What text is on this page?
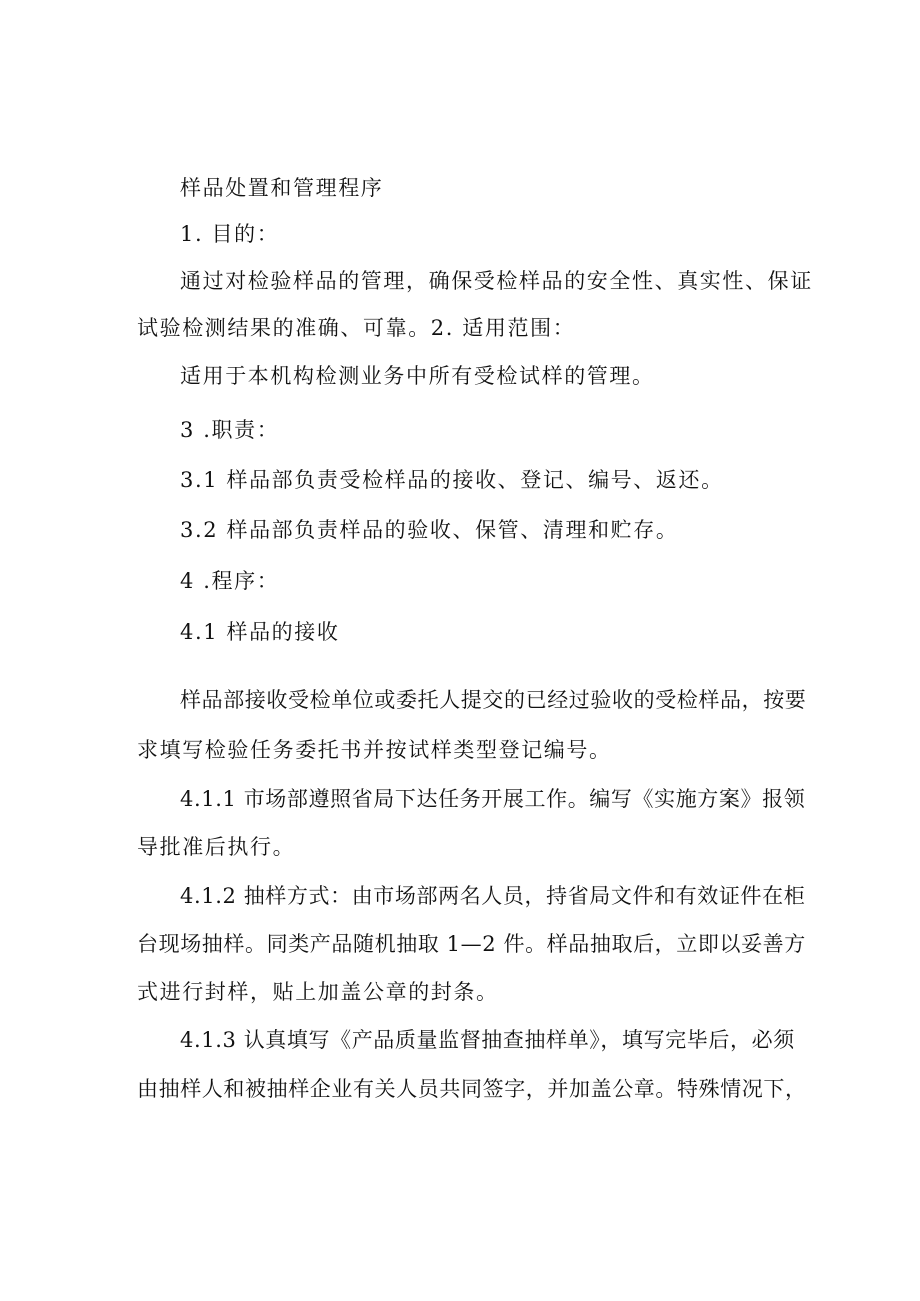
样品处置和管理程序
1. 目的：
通过对检验样品的管理，确保受检样品的安全性、真实性、保证
试验检测结果的准确、可靠。2. 适用范围：
适用于本机构检测业务中所有受检试样的管理。
3 .职责：
3.1 样品部负责受检样品的接收、登记、编号、返还。
3.2 样品部负责样品的验收、保管、清理和贮存。
4 .程序：
4.1 样品的接收
样品部接收受检单位或委托人提交的已经过验收的受检样品，按要
求填写检验任务委托书并按试样类型登记编号。
4.1.1 市场部遵照省局下达任务开展工作。编写《实施方案》报领
导批准后执行。
4.1.2 抽样方式：由市场部两名人员，持省局文件和有效证件在柜
台现场抽样。同类产品随机抽取 1—2 件。样品抽取后，立即以妥善方
式进行封样，贴上加盖公章的封条。
4.1.3 认真填写《产品质量监督抽查抽样单》，填写完毕后，必须
由抽样人和被抽样企业有关人员共同签字，并加盖公章。特殊情况下，
